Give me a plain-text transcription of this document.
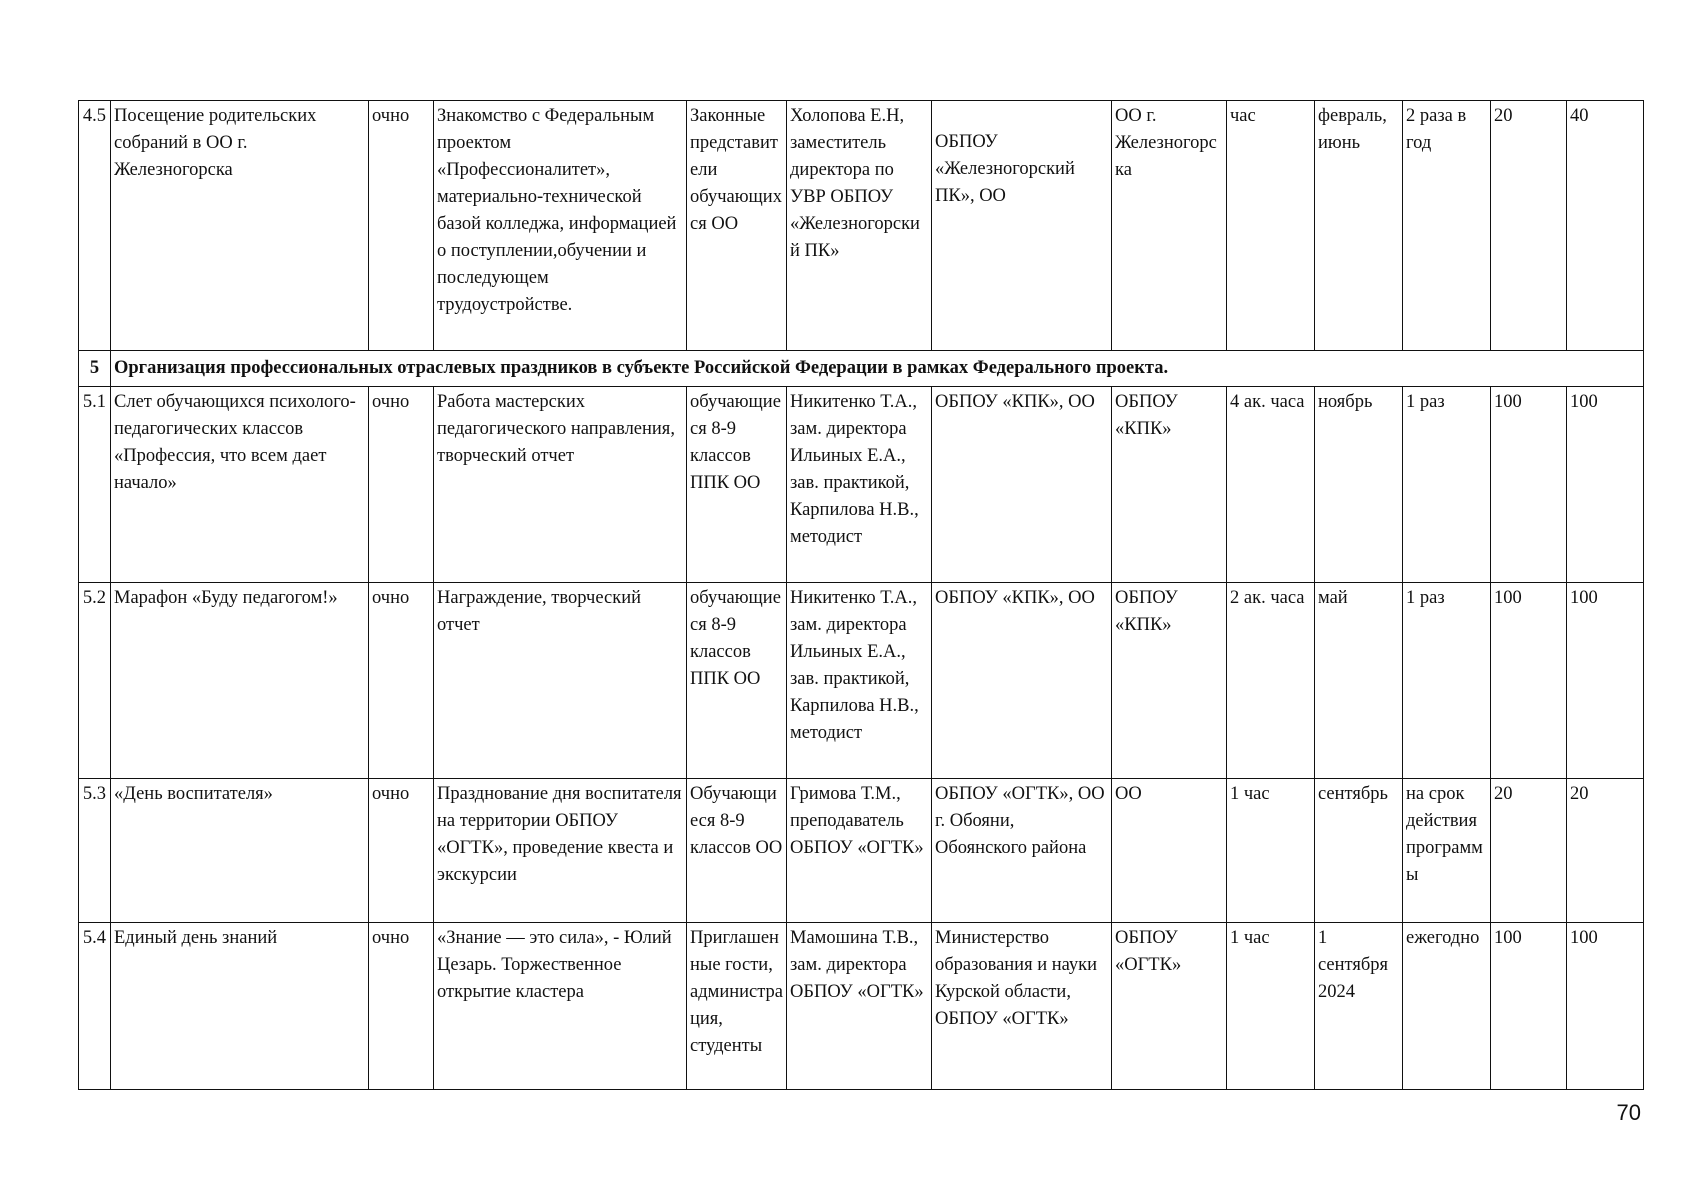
4.5	Посещение родительских собраний в ОО г. Железногорска	очно	Знакомство с Федеральным проектом «Профессионалитет», материально-технической базой колледжа, информацией о поступлении,обучении и последующем трудоустройстве.	Законные представители обучающихся ОО	Холопова Е.Н, заместитель директора по УВР ОБПОУ «Железногорский ПК»	ОБПОУ «Железногорский ПК», ОО	ОО г. Железногорска	час	февраль, июнь	2 раза в год	20	40
5	Организация профессиональных отраслевых праздников в субъекте Российской Федерации в рамках Федерального проекта.											
5.1	Слет обучающихся психолого-педагогических классов «Профессия, что всем дает начало»	очно	Работа мастерских педагогического направления, творческий отчет	обучающиеся 8-9 классов ППК ОО	Никитенко Т.А., зам. директора Ильиных Е.А., зав. практикой, Карпилова Н.В., методист	ОБПОУ «КПК», ОО	ОБПОУ «КПК»	4 ак. часа	ноябрь	1 раз	100	100
5.2	Марафон «Буду педагогом!»	очно	Награждение, творческий отчет	обучающиеся 8-9 классов ППК ОО	Никитенко Т.А., зам. директора Ильиных Е.А., зав. практикой, Карпилова Н.В., методист	ОБПОУ «КПК», ОО	ОБПОУ «КПК»	2 ак. часа	май	1 раз	100	100
5.3	«День воспитателя»	очно	Празднование дня воспитателя на территории ОБПОУ «ОГТК», проведение квеста и экскурсии	Обучающиеся 8-9 классов ОО	Гримова Т.М., преподаватель ОБПОУ «ОГТК»	ОБПОУ «ОГТК», ОО г. Обояни, Обоянского района	ОО	1 час	сентябрь	на срок действия программы	20	20
5.4	Единый день знаний	очно	«Знание — это сила», - Юлий Цезарь. Торжественное открытие кластера	Приглашенные гости, администрация, студенты	Мамошина Т.В., зам. директора ОБПОУ «ОГТК»	Министерство образования и науки Курской области, ОБПОУ «ОГТК»	ОБПОУ «ОГТК»	1 час	1 сентября 2024	ежегодно	100	100
70
